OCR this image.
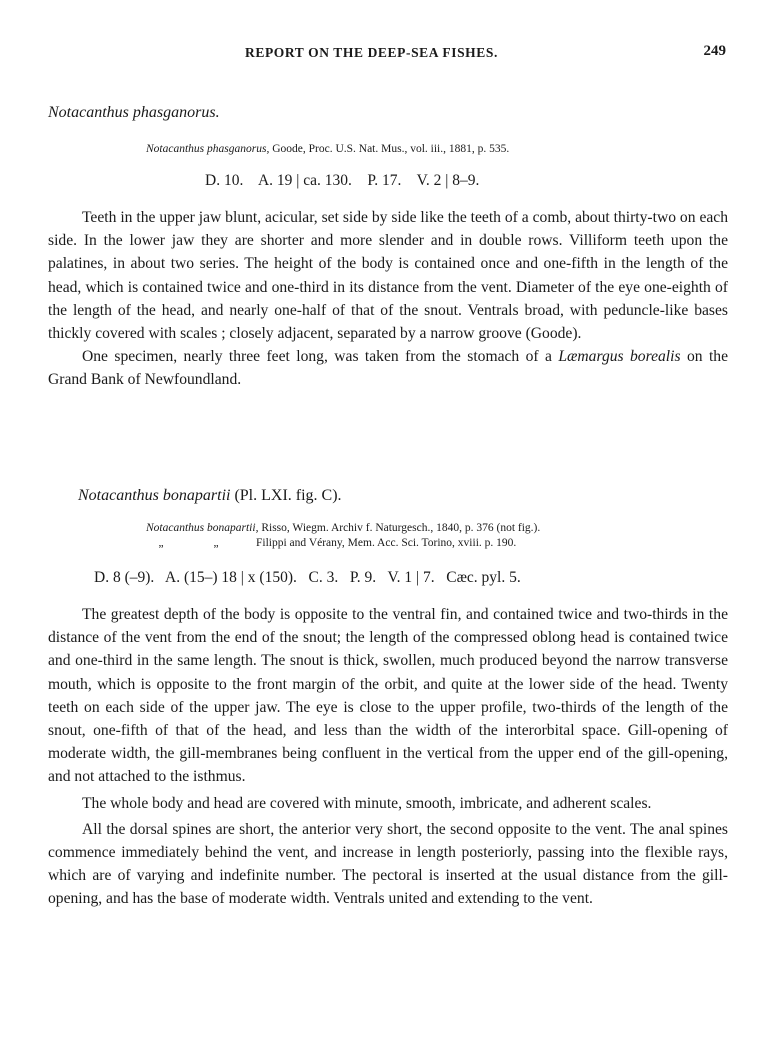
REPORT ON THE DEEP-SEA FISHES.	249

Notacanthus phasganorus.

Notacanthus phasganorus, Goode, Proc. U.S. Nat. Mus., vol. iii., 1881, p. 535.

D. 10.    A. 19 | ca. 130.    P. 17.    V. 2 | 8–9.

Teeth in the upper jaw blunt, acicular, set side by side like the teeth of a comb, about thirty-two on each side. In the lower jaw they are shorter and more slender and in double rows. Villiform teeth upon the palatines, in about two series. The height of the body is contained once and one-fifth in the length of the head, which is contained twice and one-third in its distance from the vent. Diameter of the eye one-eighth of the length of the head, and nearly one-half of that of the snout. Ventrals broad, with peduncle-like bases thickly covered with scales ; closely adjacent, separated by a narrow groove (Goode).

One specimen, nearly three feet long, was taken from the stomach of a Læmargus borealis on the Grand Bank of Newfoundland.

Notacanthus bonapartii (Pl. LXI. fig. C).

Notacanthus bonapartii, Risso, Wiegm. Archiv f. Naturgesch., 1840, p. 376 (not fig.).

„	„	Filippi and Vérany, Mem. Acc. Sci. Torino, xviii. p. 190.

D. 8 (–9).   A. (15–) 18 | x (150).   C. 3.   P. 9.   V. 1 | 7.   Cæc. pyl. 5.

The greatest depth of the body is opposite to the ventral fin, and contained twice and two-thirds in the distance of the vent from the end of the snout; the length of the compressed oblong head is contained twice and one-third in the same length. The snout is thick, swollen, much produced beyond the narrow transverse mouth, which is opposite to the front margin of the orbit, and quite at the lower side of the head. Twenty teeth on each side of the upper jaw. The eye is close to the upper profile, two-thirds of the length of the snout, one-fifth of that of the head, and less than the width of the interorbital space. Gill-opening of moderate width, the gill-membranes being confluent in the vertical from the upper end of the gill-opening, and not attached to the isthmus.

The whole body and head are covered with minute, smooth, imbricate, and adherent scales.

All the dorsal spines are short, the anterior very short, the second opposite to the vent. The anal spines commence immediately behind the vent, and increase in length posteriorly, passing into the flexible rays, which are of varying and indefinite number. The pectoral is inserted at the usual distance from the gill-opening, and has the base of moderate width. Ventrals united and extending to the vent.
